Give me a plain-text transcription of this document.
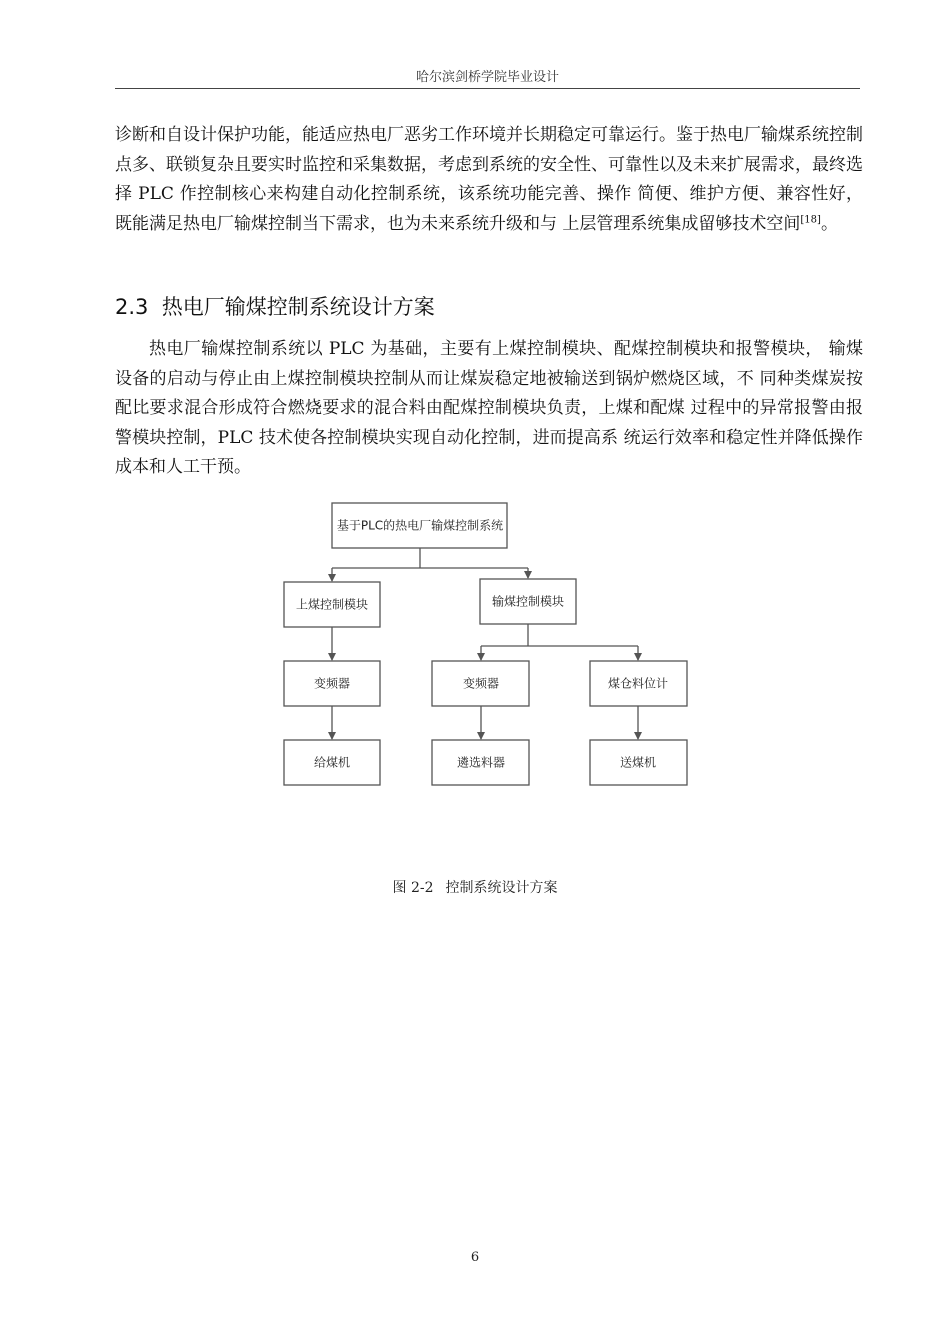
哈尔滨剑桥学院毕业设计

诊断和自设计保护功能，能适应热电厂恶劣工作环境并长期稳定可靠运行。鉴于热电厂输煤系统控制点多、联锁复杂且要实时监控和采集数据，考虑到系统的安全性、可靠性以及未来扩展需求，最终选择 PLC 作控制核心来构建自动化控制系统，该系统功能完善、操作 简便、维护方便、兼容性好，既能满足热电厂输煤控制当下需求，也为未来系统升级和与 上层管理系统集成留够技术空间[18]。

2.3 热电厂输煤控制系统设计方案

热电厂输煤控制系统以 PLC 为基础，主要有上煤控制模块、配煤控制模块和报警模块， 输煤设备的启动与停止由上煤控制模块控制从而让煤炭稳定地被输送到锅炉燃烧区域，不 同种类煤炭按配比要求混合形成符合燃烧要求的混合料由配煤控制模块负责，上煤和配煤 过程中的异常报警由报警模块控制，PLC 技术使各控制模块实现自动化控制，进而提高系 统运行效率和稳定性并降低操作成本和人工干预。

基于PLC的热电厂输煤控制系统
上煤控制模块	输煤控制模块
变频器	变频器	煤仓料位计
给煤机	遴选料器	送煤机
图 2-2 控制系统设计方案
6
